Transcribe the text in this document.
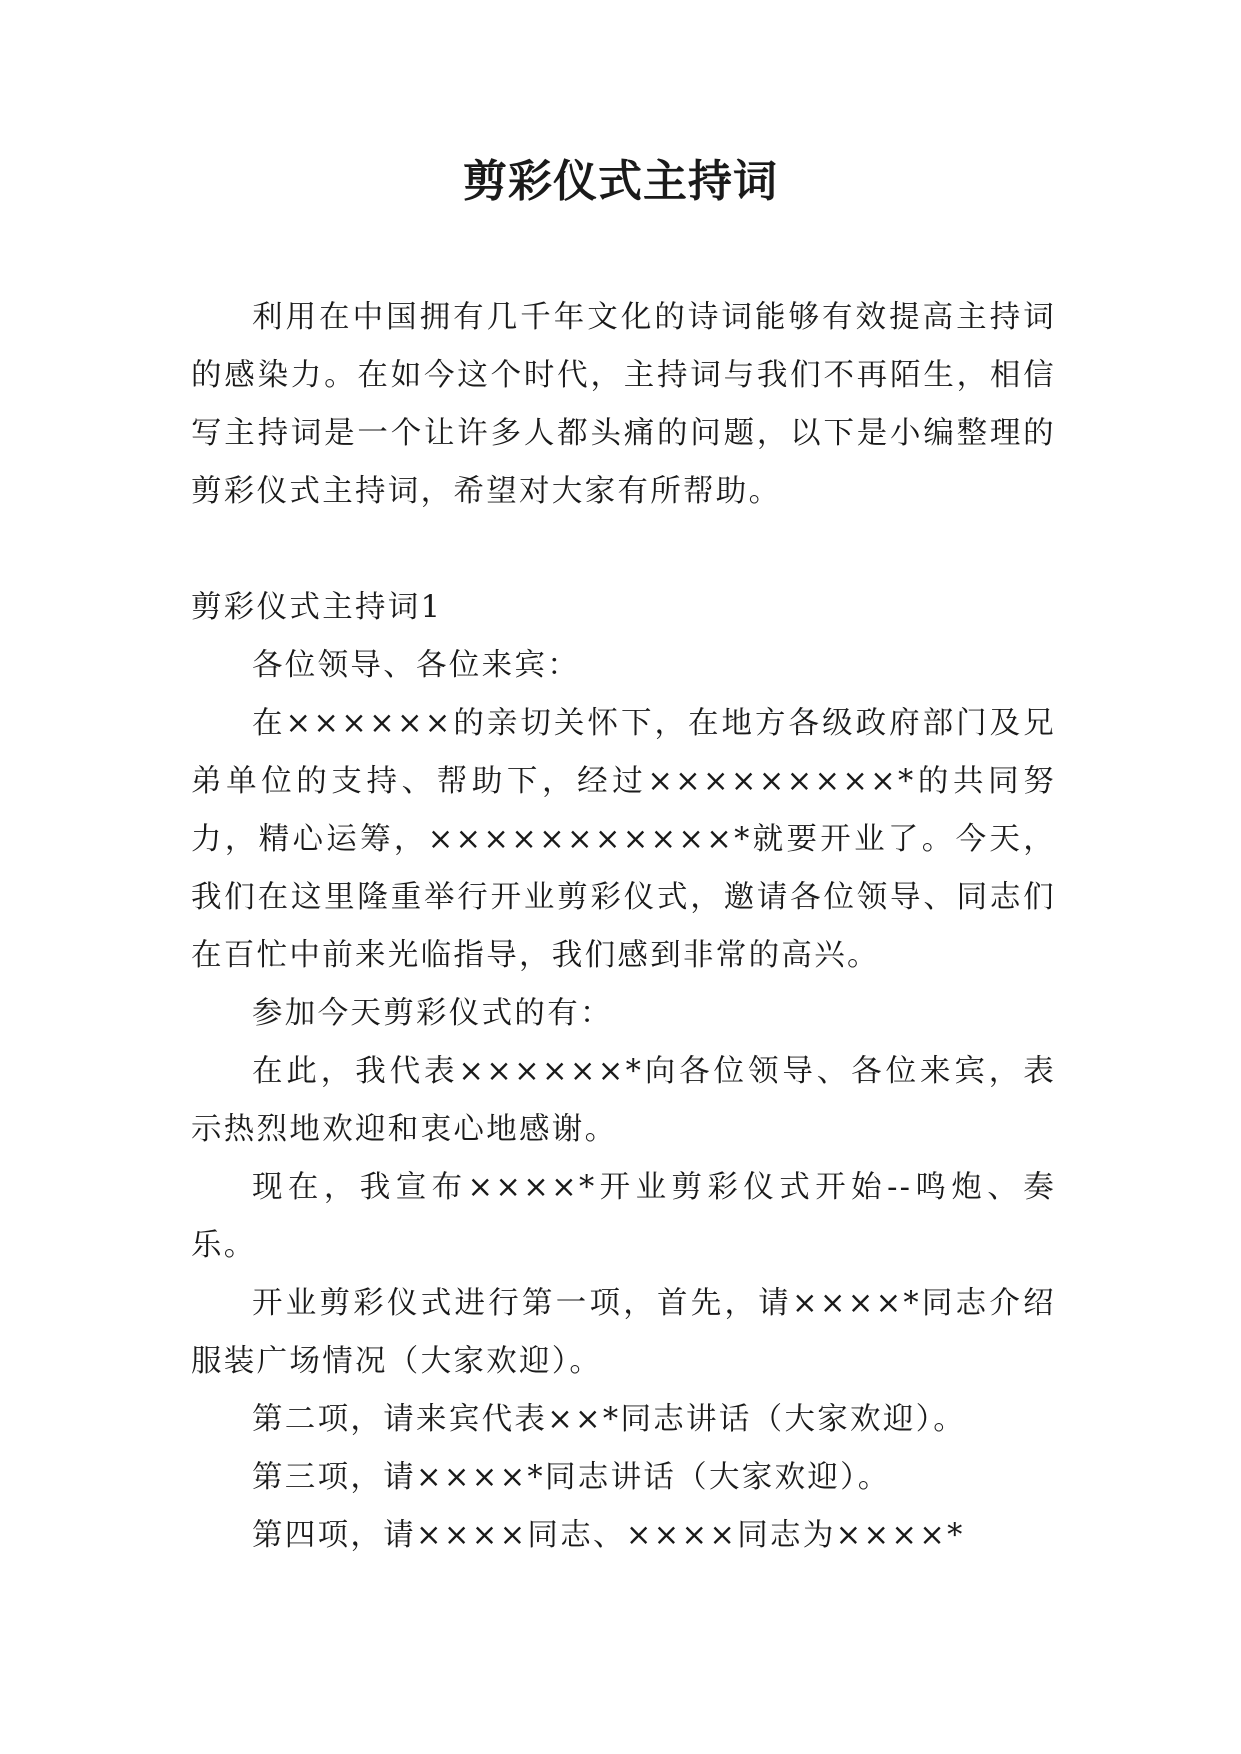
剪彩仪式主持词

利用在中国拥有几千年文化的诗词能够有效提高主持词的感染力。在如今这个时代，主持词与我们不再陌生，相信写主持词是一个让许多人都头痛的问题，以下是小编整理的剪彩仪式主持词，希望对大家有所帮助。

剪彩仪式主持词1

各位领导、各位来宾：

在××××××的亲切关怀下，在地方各级政府部门及兄弟单位的支持、帮助下，经过×××××××××*的共同努力，精心运筹，×××××××××××*就要开业了。今天，我们在这里隆重举行开业剪彩仪式，邀请各位领导、同志们在百忙中前来光临指导，我们感到非常的高兴。

参加今天剪彩仪式的有：

在此，我代表××××××*向各位领导、各位来宾，表示热烈地欢迎和衷心地感谢。

现在，我宣布××××*开业剪彩仪式开始--鸣炮、奏乐。

开业剪彩仪式进行第一项，首先，请××××*同志介绍服装广场情况（大家欢迎）。

第二项，请来宾代表××*同志讲话（大家欢迎）。

第三项，请××××*同志讲话（大家欢迎）。

第四项，请××××同志、××××同志为××××*
